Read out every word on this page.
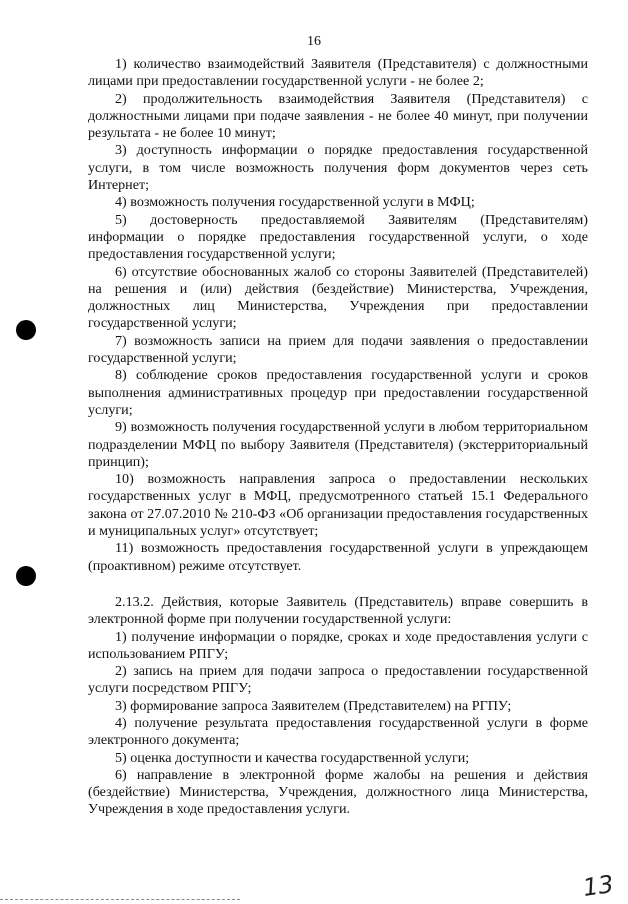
16

1) количество взаимодействий Заявителя (Представителя) с должностными лицами при предоставлении государственной услуги - не более 2;

2) продолжительность взаимодействия Заявителя (Представителя) с должностными лицами при подаче заявления - не более 40 минут, при получении результата - не более 10 минут;

3) доступность информации о порядке предоставления государственной услуги, в том числе возможность получения форм документов через сеть Интернет;

4) возможность получения государственной услуги в МФЦ;

5) достоверность предоставляемой Заявителям (Представителям) информации о порядке предоставления государственной услуги, о ходе предоставления государственной услуги;

6) отсутствие обоснованных жалоб со стороны Заявителей (Представителей) на решения и (или) действия (бездействие) Министерства, Учреждения, должностных лиц Министерства, Учреждения при предоставлении государственной услуги;

7) возможность записи на прием для подачи заявления о предоставлении государственной услуги;

8) соблюдение сроков предоставления государственной услуги и сроков выполнения административных процедур при предоставлении государственной услуги;

9) возможность получения государственной услуги в любом территориальном подразделении МФЦ по выбору Заявителя (Представителя) (экстерриториальный принцип);

10) возможность направления запроса о предоставлении нескольких государственных услуг в МФЦ, предусмотренного статьей 15.1 Федерального закона от 27.07.2010 № 210-ФЗ «Об организации предоставления государственных и муниципальных услуг» отсутствует;

11) возможность предоставления государственной услуги в упреждающем (проактивном) режиме отсутствует.

2.13.2. Действия, которые Заявитель (Представитель) вправе совершить в электронной форме при получении государственной услуги:

1) получение информации о порядке, сроках и ходе предоставления услуги с использованием РПГУ;

2) запись на прием для подачи запроса о предоставлении государственной услуги посредством РПГУ;

3) формирование запроса Заявителем (Представителем) на РГПУ;

4) получение результата предоставления государственной услуги в форме электронного документа;

5) оценка доступности и качества государственной услуги;

6) направление в электронной форме жалобы на решения и действия (бездействие) Министерства, Учреждения, должностного лица Министерства, Учреждения в ходе предоставления услуги.

13
